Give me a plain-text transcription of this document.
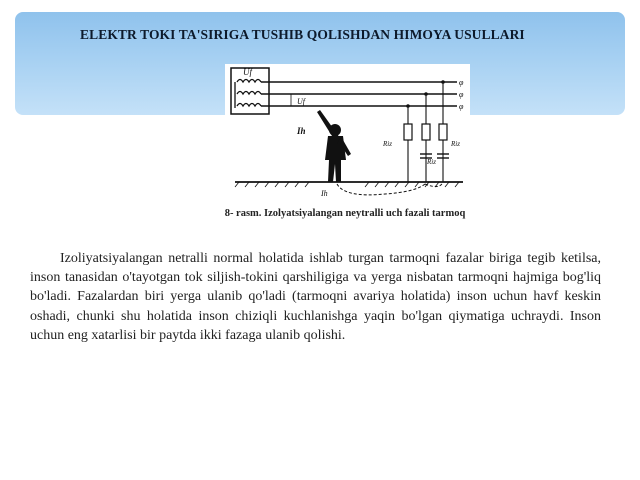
ELEKTR TOKI TA'SIRIGA TUSHIB QOLISHDAN HIMOYA USULLARI
Uf
φ
φ
φ
Uf
Riz
Riz
Riz
Ih
Ih
8- rasm. Izolyatsiyalangan neytralli uch fazali tarmoq

Izoliyatsiyalangan netralli normal holatida ishlab turgan tarmoqni fazalar biriga tegib ketilsa, inson tanasidan o'tayotgan tok siljish-tokini qarshiligiga va yerga nisbatan tarmoqni hajmiga bog'liq bo'ladi. Fazalardan biri yerga ulanib qo'ladi (tarmoqni avariya holatida) inson uchun havf keskin oshadi, chunki shu holatida inson chiziqli kuchlanishga yaqin bo'lgan qiymatiga uchraydi. Inson uchun eng xatarlisi bir paytda ikki fazaga ulanib qolishi.
